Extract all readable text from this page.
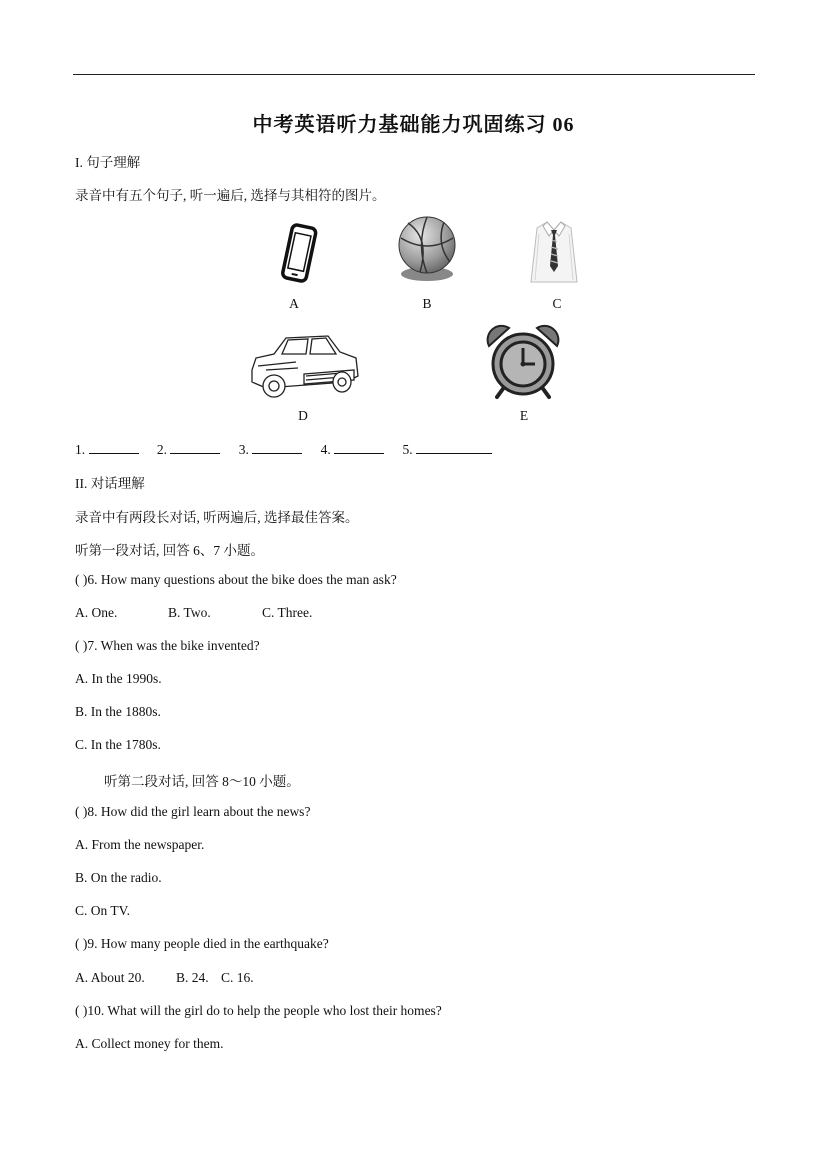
中考英语听力基础能力巩固练习 06
I. 句子理解
录音中有五个句子, 听一遍后, 选择与其相符的图片。
A	B	C
D	E
1.	2.	3.	4.	5.
II. 对话理解
录音中有两段长对话, 听两遍后, 选择最佳答案。
听第一段对话, 回答 6、7 小题。
( )6. How many questions about the bike does the man ask?
A. One.	B. Two.	C. Three.
( )7. When was the bike invented?
A. In the 1990s.
B. In the 1880s.
C. In the 1780s.
听第二段对话, 回答 8～10 小题。
( )8. How did the girl learn about the news?
A. From the newspaper.
B. On the radio.
C. On TV.
( )9. How many people died in the earthquake?
A. About 20. B. 24. C. 16.
( )10. What will the girl do to help the people who lost their homes?
A. Collect money for them.
